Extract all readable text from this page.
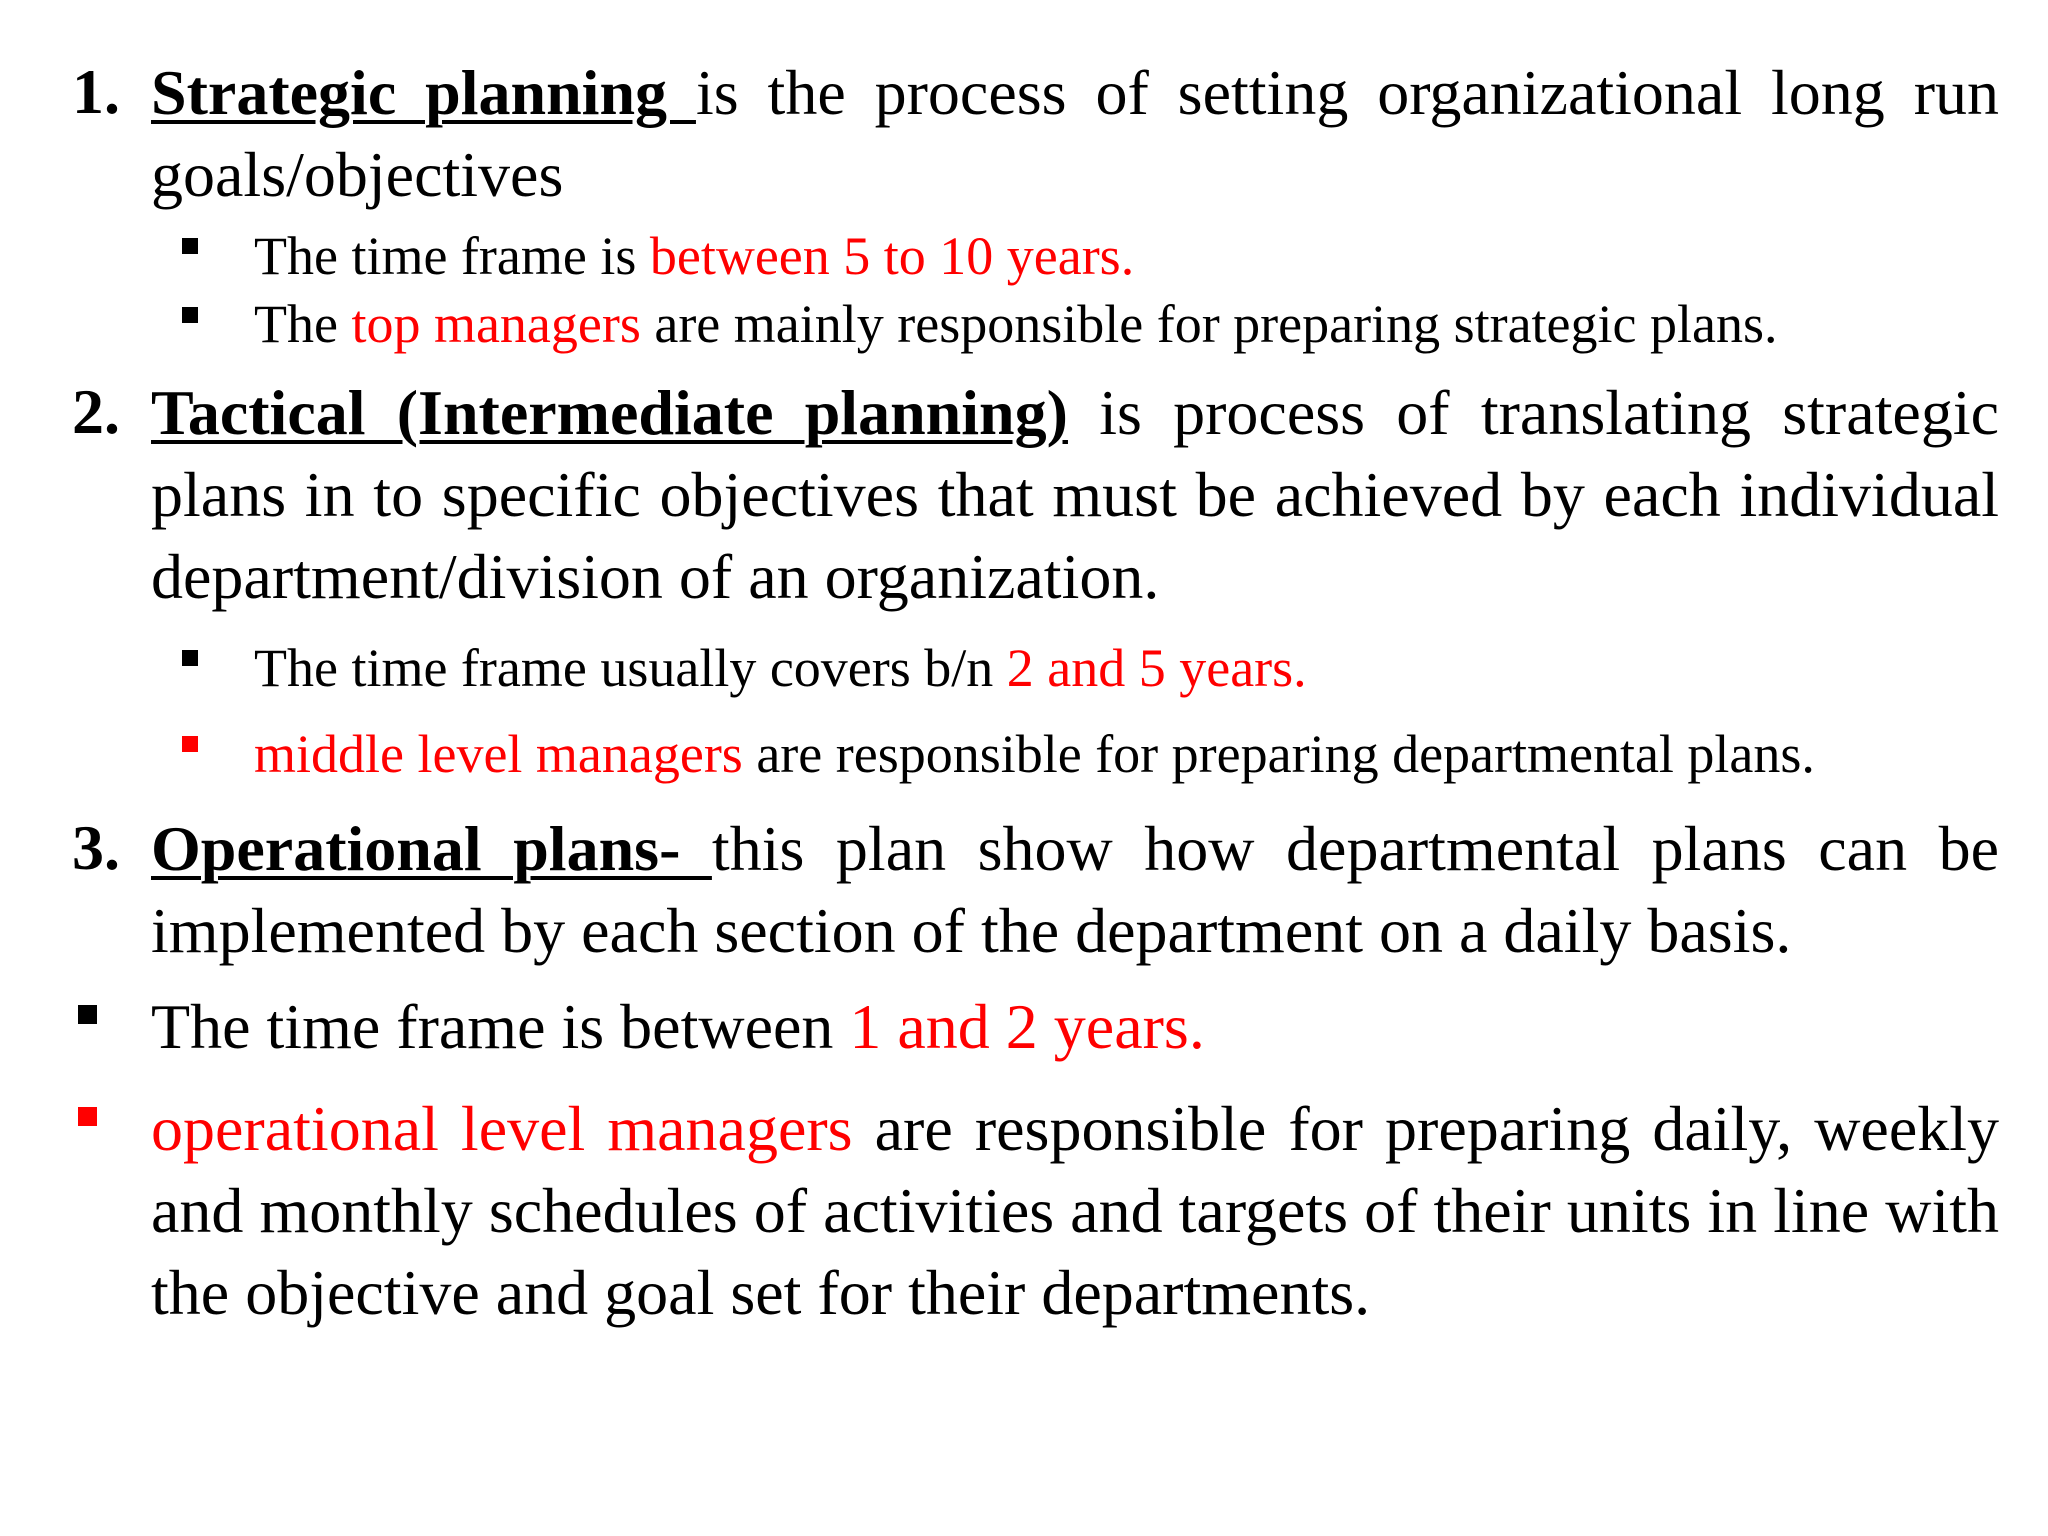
1. Strategic planning is the process of setting organizational long run goals/objectives
The time frame is between 5 to 10 years.
The top managers are mainly responsible for preparing strategic plans.
2. Tactical (Intermediate planning) is process of translating strategic plans in to specific objectives that must be achieved by each individual department/division of an organization.
The time frame usually covers b/n 2 and 5 years.
middle level managers are responsible for preparing departmental plans.
3. Operational plans- this plan show how departmental plans can be implemented by each section of the department on a daily basis.
The time frame is between 1 and 2 years.
operational level managers are responsible for preparing daily, weekly and monthly schedules of activities and targets of their units in line with the objective and goal set for their departments.
